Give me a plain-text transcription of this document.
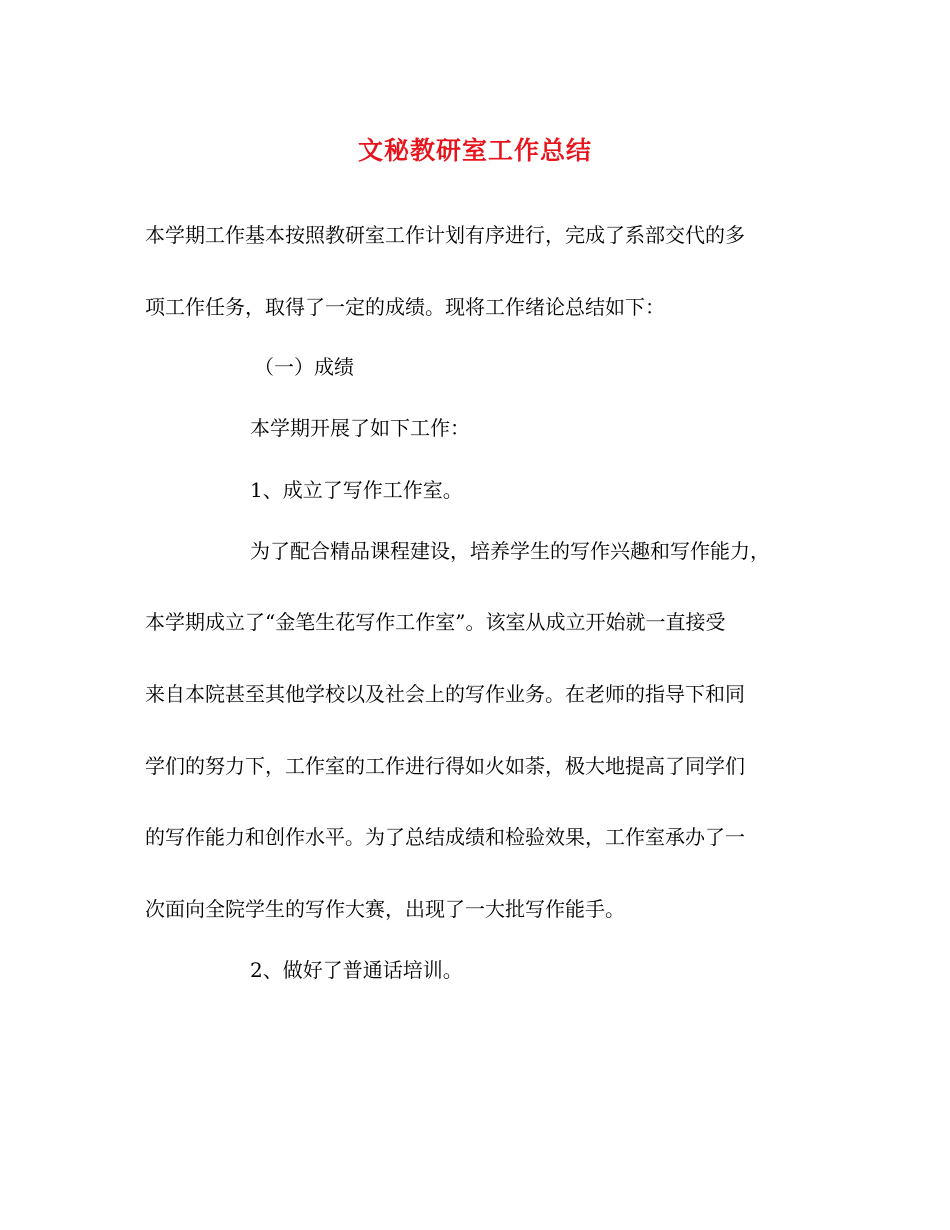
文秘教研室工作总结
本学期工作基本按照教研室工作计划有序进行，完成了系部交代的多
项工作任务，取得了一定的成绩。现将工作绪论总结如下：
（一）成绩
本学期开展了如下工作：
1、成立了写作工作室。
为了配合精品课程建设，培养学生的写作兴趣和写作能力，
本学期成立了“金笔生花写作工作室”。该室从成立开始就一直接受
来自本院甚至其他学校以及社会上的写作业务。在老师的指导下和同
学们的努力下，工作室的工作进行得如火如荼，极大地提高了同学们
的写作能力和创作水平。为了总结成绩和检验效果，工作室承办了一
次面向全院学生的写作大赛，出现了一大批写作能手。
2、做好了普通话培训。
